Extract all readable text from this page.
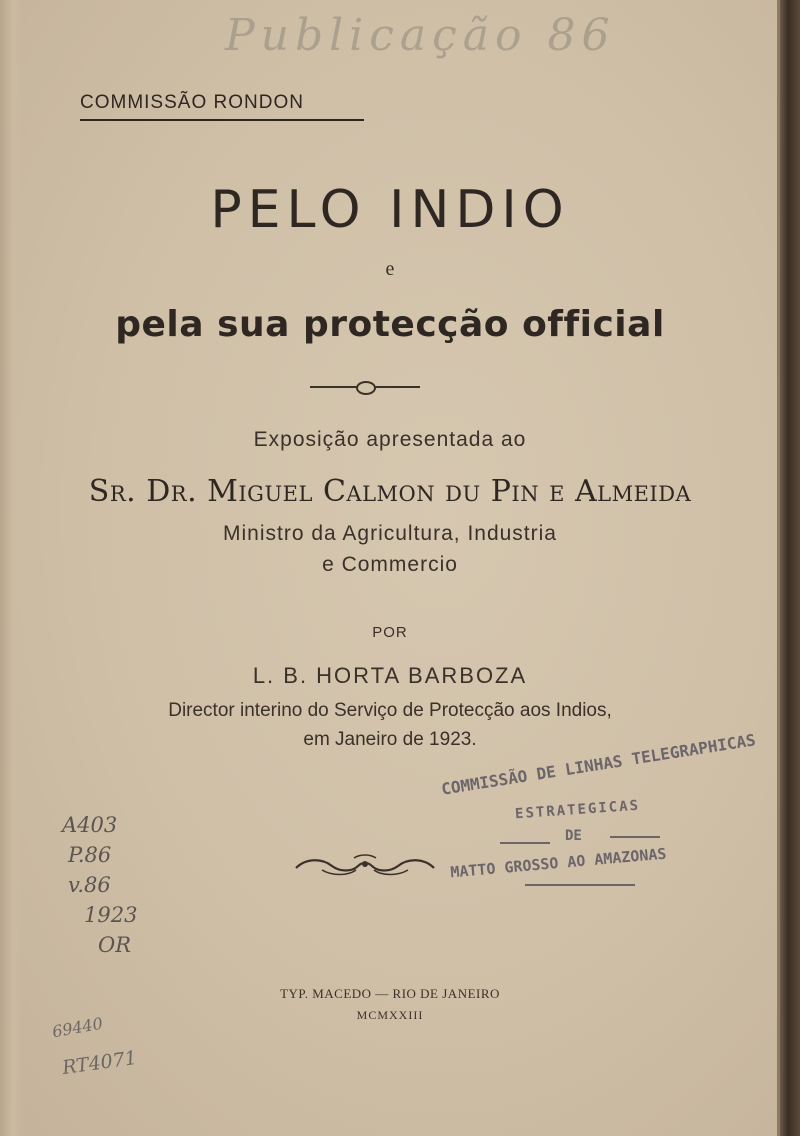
Publicação 86
COMMISSÃO RONDON
PELO INDIO
e
pela sua protecção official
Exposição apresentada ao
Sr. Dr. Miguel Calmon du Pin e Almeida
Ministro da Agricultura, Industria
e Commercio
POR
L. B. HORTA BARBOZA
Director interino do Serviço de Protecção aos Indios,
em Janeiro de 1923.
COMMISSÃO DE LINHAS TELEGRAPHICAS
ESTRATEGICAS
DE
MATTO GROSSO AO AMAZONAS
A403
P.86
v.86
1923
OR
TYP. MACEDO — RIO DE JANEIRO
MCMXXIII
69440
RT4071
